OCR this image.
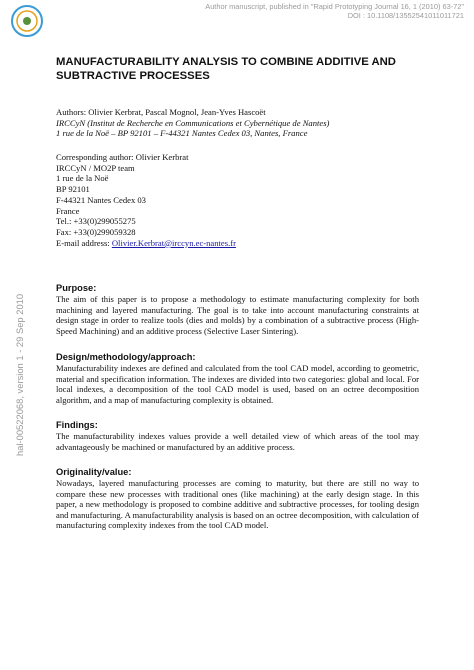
Author manuscript, published in "Rapid Prototyping Journal 16, 1 (2010) 63-72"
DOI : 10.1108/13552541011011721
hal-00522068, version 1 - 29 Sep 2010
MANUFACTURABILITY ANALYSIS TO COMBINE ADDITIVE AND SUBTRACTIVE PROCESSES
Authors: Olivier Kerbrat, Pascal Mognol, Jean-Yves Hascoët
IRCCyN (Institut de Recherche en Communications et Cybernétique de Nantes)
1 rue de la Noë – BP 92101 – F-44321 Nantes Cedex 03, Nantes, France
Corresponding author: Olivier Kerbrat
IRCCyN / MO2P team
1 rue de la Noë
BP 92101
F-44321 Nantes Cedex 03
France
Tel.: +33(0)299055275
Fax: +33(0)299059328
E-mail address: Olivier.Kerbrat@irccyn.ec-nantes.fr
Purpose:

The aim of this paper is to propose a methodology to estimate manufacturing complexity for both machining and layered manufacturing. The goal is to take into account manufacturing constraints at design stage in order to realize tools (dies and molds) by a combination of a subtractive process (High-Speed Machining) and an additive process (Selective Laser Sintering).

Design/methodology/approach:

Manufacturability indexes are defined and calculated from the tool CAD model, according to geometric, material and specification information. The indexes are divided into two categories: global and local. For local indexes, a decomposition of the tool CAD model is used, based on an octree decomposition algorithm, and a map of manufacturing complexity is obtained.

Findings:

The manufacturability indexes values provide a well detailed view of which areas of the tool may advantageously be machined or manufactured by an additive process.

Originality/value:

Nowadays, layered manufacturing processes are coming to maturity, but there are still no way to compare these new processes with traditional ones (like machining) at the early design stage. In this paper, a new methodology is proposed to combine additive and subtractive processes, for tooling design and manufacturing. A manufacturability analysis is based on an octree decomposition, with calculation of manufacturing complexity indexes from the tool CAD model.
